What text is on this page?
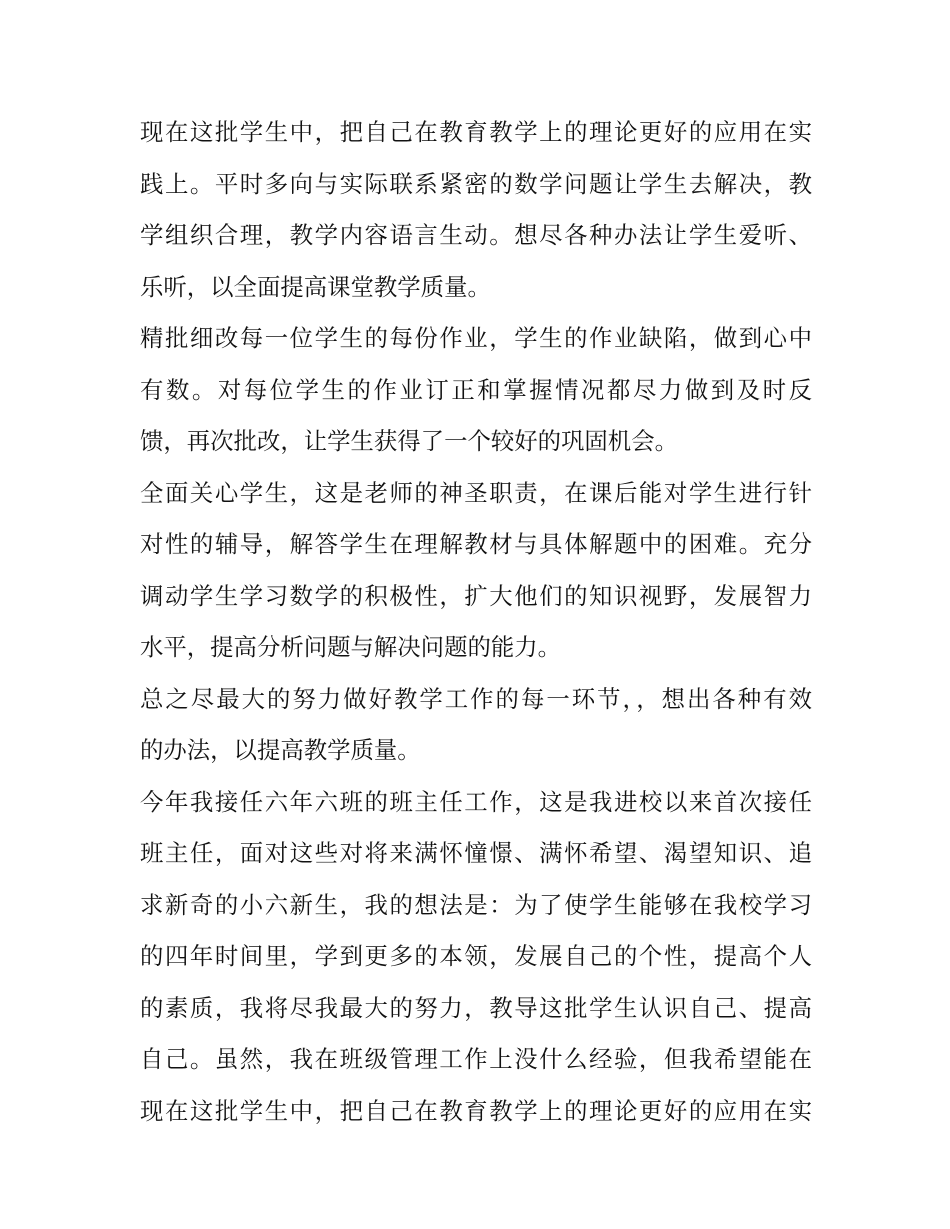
现在这批学生中，把自己在教育教学上的理论更好的应用在实
践上。平时多向与实际联系紧密的数学问题让学生去解决，教
学组织合理，教学内容语言生动。想尽各种办法让学生爱听、
乐听，以全面提高课堂教学质量。
精批细改每一位学生的每份作业，学生的作业缺陷，做到心中
有数。对每位学生的作业订正和掌握情况都尽力做到及时反
馈，再次批改，让学生获得了一个较好的巩固机会。
全面关心学生，这是老师的神圣职责，在课后能对学生进行针
对性的辅导，解答学生在理解教材与具体解题中的困难。充分
调动学生学习数学的积极性，扩大他们的知识视野，发展智力
水平，提高分析问题与解决问题的能力。
总之尽最大的努力做好教学工作的每一环节，，想出各种有效
的办法，以提高教学质量。
今年我接任六年六班的班主任工作，这是我进校以来首次接任
班主任，面对这些对将来满怀憧憬、满怀希望、渴望知识、追
求新奇的小六新生，我的想法是：为了使学生能够在我校学习
的四年时间里，学到更多的本领，发展自己的个性，提高个人
的素质，我将尽我最大的努力，教导这批学生认识自己、提高
自己。虽然，我在班级管理工作上没什么经验，但我希望能在
现在这批学生中，把自己在教育教学上的理论更好的应用在实
